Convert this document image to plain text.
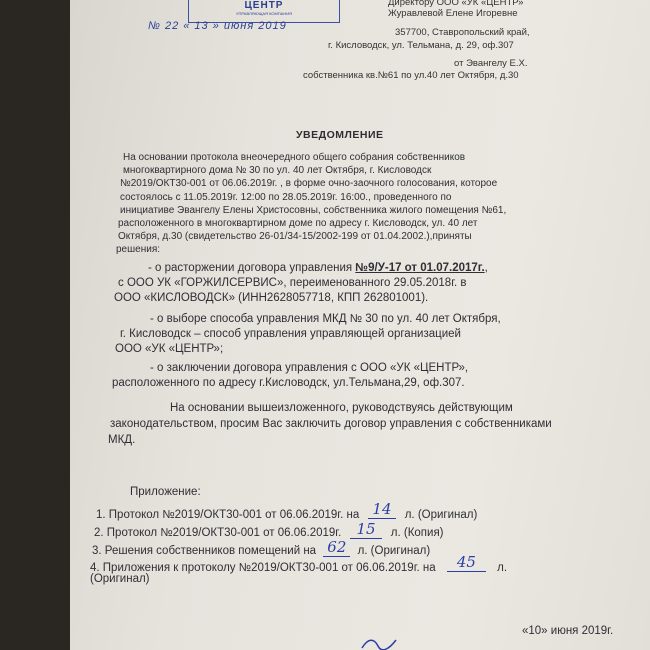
ЦЕНТР
УПРАВЛЯЮЩАЯ КОМПАНИЯ
№ 22 « 13 » июня 2019
Директору ООО «УК «ЦЕНТР»
Журавлевой Елене Игоревне
357700, Ставропольский край,
г. Кисловодск, ул. Тельмана, д. 29, оф.307
от Эвангелу Е.Х.
собственника кв.№61 по ул.40 лет Октября, д.30
УВЕДОМЛЕНИЕ
На основании протокола внеочередного общего собрания собственников
многоквартирного дома № 30 по ул. 40 лет Октября, г. Кисловодск
№2019/ОКТ30-001 от 06.06.2019г. , в форме очно-заочного голосования, которое
состоялось с 11.05.2019г. 12:00 по 28.05.2019г. 16:00., проведенного по
инициативе Эвангелу Елены Христосовны, собственника жилого помещения №61,
расположенного в многоквартирном доме по адресу г. Кисловодск, ул. 40 лет
Октября, д.30 (свидетельство 26-01/34-15/2002-199 от 01.04.2002.),приняты
решения:
- о расторжении договора управления №9/У-17 от 01.07.2017г.,
с ООО УК «ГОРЖИЛСЕРВИС», переименованного 29.05.2018г. в
ООО «КИСЛОВОДСК» (ИНН2628057718, КПП 262801001).
- о выборе способа управления МКД № 30 по ул. 40 лет Октября,
г. Кисловодск – способ управления управляющей организацией
ООО «УК «ЦЕНТР»;
- о заключении договора управления с ООО «УК «ЦЕНТР»,
расположенного по адресу г.Кисловодск, ул.Тельмана,29, оф.307.
На основании вышеизложенного, руководствуясь действующим
законодательством, просим Вас заключить договор управления с собственниками
МКД.
Приложение:
1. Протокол №2019/ОКТ30-001 от 06.06.2019г. на 14 л. (Оригинал)
2. Протокол №2019/ОКТ30-001 от 06.06.2019г. 15 л. (Копия)
3. Решения собственников помещений на 62 л. (Оригинал)
4. Приложения к протоколу №2019/ОКТ30-001 от 06.06.2019г. на 45 л.
(Оригинал)
«10» июня 2019г.
